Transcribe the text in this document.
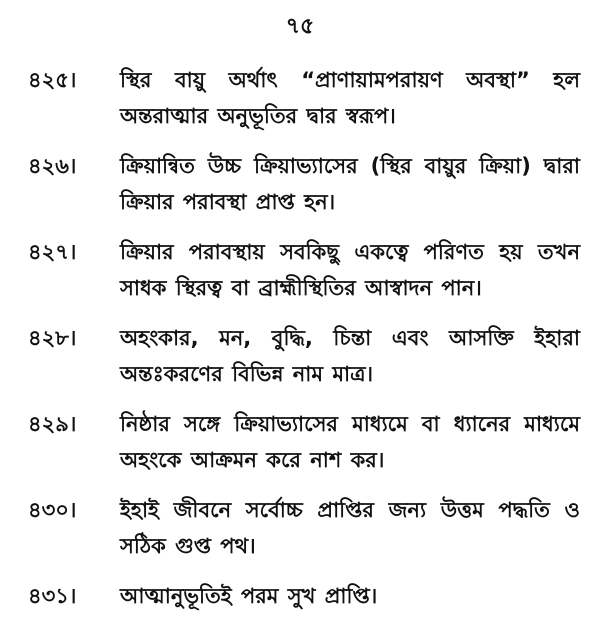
৭৫
৪২৫।	স্থির বায়ু অর্থাৎ “প্রাণায়ামপরায়ণ অবস্থা” হল অন্তরাত্মার অনুভূতির দ্বার স্বরূপ।
৪২৬।	ক্রিয়ান্বিত উচ্চ ক্রিয়াভ্যাসের (স্থির বায়ুর ক্রিয়া) দ্বারা ক্রিয়ার পরাবস্থা প্রাপ্ত হন।
৪২৭।	ক্রিয়ার পরাবস্থায় সবকিছু একত্বে পরিণত হয় তখন সাধক স্থিরত্ব বা ব্রাহ্মীস্থিতির আস্বাদন পান।
৪২৮।	অহংকার, মন, বুদ্ধি, চিন্তা এবং আসক্তি ইহারা অন্তঃকরণের বিভিন্ন নাম মাত্র।
৪২৯।	নিষ্ঠার সঙ্গে ক্রিয়াভ্যাসের মাধ্যমে বা ধ্যানের মাধ্যমে অহংকে আক্রমন করে নাশ কর।
৪৩০।	ইহাই জীবনে সর্বোচ্চ প্রাপ্তির জন্য উত্তম পদ্ধতি ও সঠিক গুপ্ত পথ।
৪৩১।	আত্মানুভূতিই পরম সুখ প্রাপ্তি।
